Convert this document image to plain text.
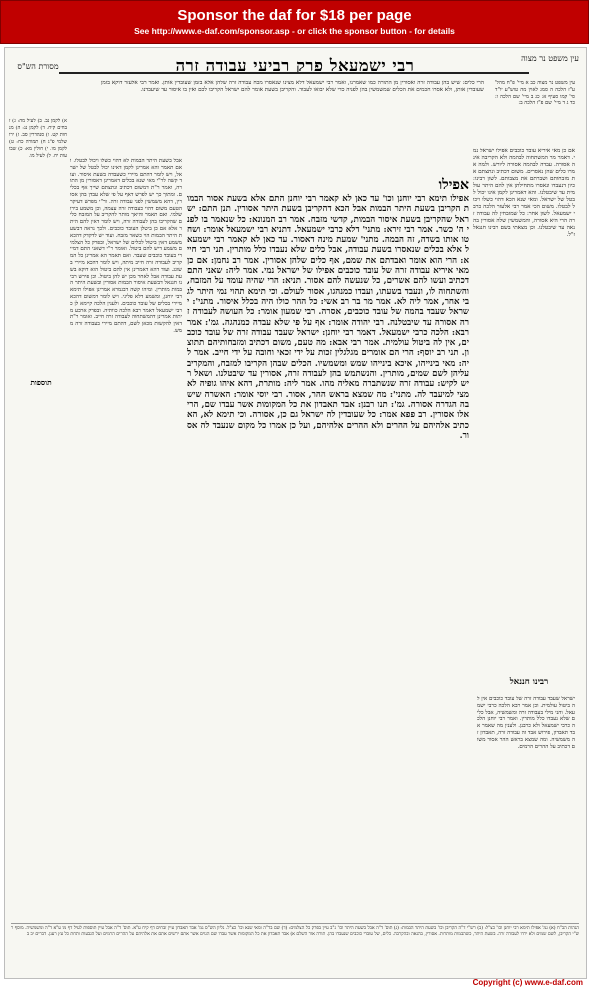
Sponsor the daf for $18 per page
See http://www.e-daf.com/sponsor.asp - or click the sponsor button - for details
עין משפט נר מצוה
מסורת הש"ס	רבי ישמעאל פרק רביעי עבודה זרה
עין משפט נר מצוה כב א מיי' פ"ח מהל' ע"ז הלכה ה סמג לאוין מה טוש"ע יו"ד סי' קמו סעיף א: כג ב מיי' שם הלכה ו: כד ג ד מיי' שם פ"ז הלכה ב:
הרי כלים: שיש בהן עבודה זרה ואסורין מן התורה כמו שאמרנו, ואמר רבי ישמעאל דלא מצינו שנאסרו מכח עבודה זרה שלהן אלא בזמן שעובדין אותן. ואמר רבי אלעזר דוקא בזמן שעובדין אותן, ולא אסרו חכמים את הכלים שמשמשין בהן לפניה כדי שלא יבואו לעבוד. והקריבן בשעת אומר להם ישראל הקריבו לכם ואין בו איסור עד שיעבדנו.
אם כן מאי איריא עובד כוכבים אפילו ישראל נמי. דאמר מר המשתחוה לבהמה ולא הקריבה אינה אסורה. עבדה לבהמה אסורה ליורש. ולמה אמרו כלים שהן נאסרים. משום דכתיב ונתצתם את מזבחותם ושברתם את מצבותם. לשון רבינו: כיון דנעבדו ונאסרו מתחילתן אין להם היתר עולמית עד שיבטלנו. והא דאמרינן לקמן אינו יכול לבטל של ישראל. ומאי שנא הכא דהוי כשלו ויכול לבטלו. משום הכי אמר רבי אלעזר הלכה כרבי ישמעאל. לשון אחר: כל שמזבחין לה עבודה זרה הרי היא אסורה, והמשמשין שלה אסורין בהנאה עד שיבטלנו. וכן מצאתי בשם רבינו חננאל ז"ל.
רבינו חננאל
ישראל שעבד עבודה זרה של עובד כוכבים אין לה ביטול עולמית. וכן אמר רבא הלכה כרבי ישמעאל. והני מילי בעבודה זרה ומשמשיה, אבל כלים שלא נעבדו כלל מותרין. ואמר רבי יוחנן הלכה כרבי ישמעאל ולא כרבנן. ולענין מה שאמר אבד תאבדון, פירוש אבד זה עבודה זרה, תאבדון זה משמשיה. ומה שמצא בראש ההר אסור משום דכתיב על ההרים הרמים.
אפילו
אפילו תימא רבי יוחנן וכו' עד כאן לא קאמר רבי יוחנן התם אלא בשעת אסור הבמות הקריבן בשעת היתר הבמות אבל הכא דהקריבן בשעת היתר אסורין. תנן התם: ישראל שהקריבן בשעת איסור הבמות, קדשי מזבח. אמר רב המנונא: כל שנאמר בו לפני ה' כשר. אמר רבי זירא: מתני' דלא כרבי ישמעאל. דתניא רבי ישמעאל אומר: ושחטו אותו בשדה, זה הבמה. מתני' שמעת מינה דאסור. עד כאן לא קאמר רבי ישמעאל אלא בכלים שנאסרו בשעת עבודה, אבל כלים שלא נעבדו כלל מותרין. תני רבי חייא: הרי הוא אומר ואבדתם את שמם, אף כלים שלהן אסורין. אמר רב נחמן: אם כן מאי איריא עבודה זרה של עובד כוכבים אפילו של ישראל נמי. אמר ליה: שאני התם דכתיב ועשו להם אשרים, כל שנעשה להם אסור. תניא: הרי שהיה עומד על המזבח, והשתחוה לו, ונעבד בשעתו, ועבדו כמנהגו, אסור לעולם. וכי תימא תהוי נמי היתר לגבי אחר, אמר ליה לא. אמר מר בר רב אשי: כל ההר כולו היה בכלל איסור. מתני': ישראל שעבד בהמה של עובד כוכבים, אסרה. רבי שמעון אומר: כל העושה לעבודה זרה אסורה עד שיבטלנה. רבי יהודה אומר: אף על פי שלא עבדה כמנהגה. גמ': אמר רבא: הלכה כרבי ישמעאל. דאמר רבי יוחנן: ישראל שעבד עבודה זרה של עובד כוכבים, אין לה ביטול עולמית. אמר רבי אבא: מה טעם, משום דכתיב ומזבחותיהם תתוצון. תני רב יוסף: הרי הם אומרים מגלגלין זכות על ידי זכאי וחובה על ידי חייב. אמר ליה: מאי בינייהו, איכא בינייהו שמש ומשמשיו. הכלים שבהן הקריבו למזבח, והמקריב עליהן לשם שמים, מותרין. והנשתמש בהן לעבודה זרה, אסורין עד שיבטלנו. ושאל ריש לקיש: עבודה זרה שנשתברה מאליה מהו. אמר ליה: מותרת, דהא איהו גופיה לא מצי למיעבד לה. מתני': מה שמצא בראש ההר, אסור. רבי יוסי אומר: האשרה שיש בה הגדרה אסורה. גמ': תנו רבנן: אבד תאבדון את כל המקומות אשר עבדו שם, הרי אלו אסורין. רב פפא אמר: כל שעובדין לה ישראל גם כן, אסורה. וכי תימא לא, הא כתיב אלהיהם על ההרים ולא ההרים אלהיהם, ועל כן אמרו כל מקום שנעבד לה אסור.
אבל בשעת היתר הבמות לא דהוי כשלו ויכול לבטלו. ואם תאמר והא אמרינן לקמן דאינו יכול לבטל של ישראל, ויש לומר דהתם מיירי כשעבדה בשעת איסור. ועוד קשה לר"י מאי שנא בכלים דאמרינן דאסורין מן התורה, ואמר ר"ת דמשום דכתיב ונתצתם שייך אף בכלים. ומתוך כך יש לפרש דאף על פי שלא עבדן בהן אסורין, דהא משמשין לפני עבודה זרה. ור"י מפרש דעיקר הטעם משום דהוי כעבודה זרה עצמה, וכן משמע בירושלמי. ואם תאמר והיאך מותר להקריב על המזבח כלים שהקריבו בהן לעבודה זרה, ויש לומר דאין להם היתר אלא אם כן ביטלן העובד כוכבים. ולכך נראה דבשעת היתר הבמות הוי כשאר מזבח. ועוד יש לדקדק דהכא משמע דאין ביטול לכלים של ישראל, ובפרק כל הצלמים משמע דיש להם ביטול. ואומר ר"י דשאני התם דמיירי בעובד כוכבים שעבד. ואם תאמר הא אמרינן כל המקריב לעבודה זרה חייב מיתה, ויש לומר דהכא מיירי בשוגג. ועוד דהא דאמרינן אין להם ביטול הוא דוקא בשעת עבודה אבל לאחר מכן יש להן ביטול. וכן פירש רבינו חננאל דבשעת איסור הבמות אסורין ובשעת היתר הבמות מותרין. ומיהו קשה דבגמרא אמרינן אפילו תימא רבי יוחנן, ומשמע דלא פליגי. ויש לומר דמשום דהכא מיירי בכלים של עובד כוכבים. ולענין הלכה קיימא לן כרבי ישמעאל דאמר רבא הלכה כוותיה. ובפרק ארבע מיתות אמרינן דהמשתחוה לעבודה זרה חייב. ואומר ר"ת דאין להקשות מכאן לשם, דהתם מיירי בעבודה זרה ממש.
א) לקמן נב. ב) לעיל מה: ג) זבחים קיח. ד) לקמן נג: ה) מנחות קט. ו) סנהדרין סב. ז) ירושלמי פ"ג ח) תמורה כח: ט) לקמן מו. י) חולין מא: כ) שבועות יח. ל) לעיל מו.
תוספות
הגהות הב"ח (א) גמ' אפילו תימא רבי יוחנן וכו' כצ"ל: (ב) רש"י ד"ה הקריבן וכו' בשעת היתר הבמות: (ג) תוס' ד"ה אבל בשעת היתר וכו' נ"ב עיין בפרק כל הצלמים: (ד) שם בד"ה ומאי שנא וכו' כצ"ל. גליון הש"ס גמ' אבד תאבדון עיין זבחים דף קיח ע"א. תוס' ד"ה אבל עיין תוספות לעיל דף מו ע"א ד"ה ומשמשיה. מוסף רש"י הקריבן, לשם שמים ולא ירדו לעבודה זרה. בשעת היתר, כשהבמות מותרות. אסורין, בהנאה ובהקרבה. כלים, של עובדי כוכבים שנעבדו בהן. תורה אור השלם א) אבד תאבדון את כל המקומות אשר עבדו שם הגוים אשר אתם ירשים אתם את אלהיהם על ההרים הרמים ועל הגבעות ותחת כל עץ רענן. דברים יב ב
Copyright (c) www.e-daf.com
